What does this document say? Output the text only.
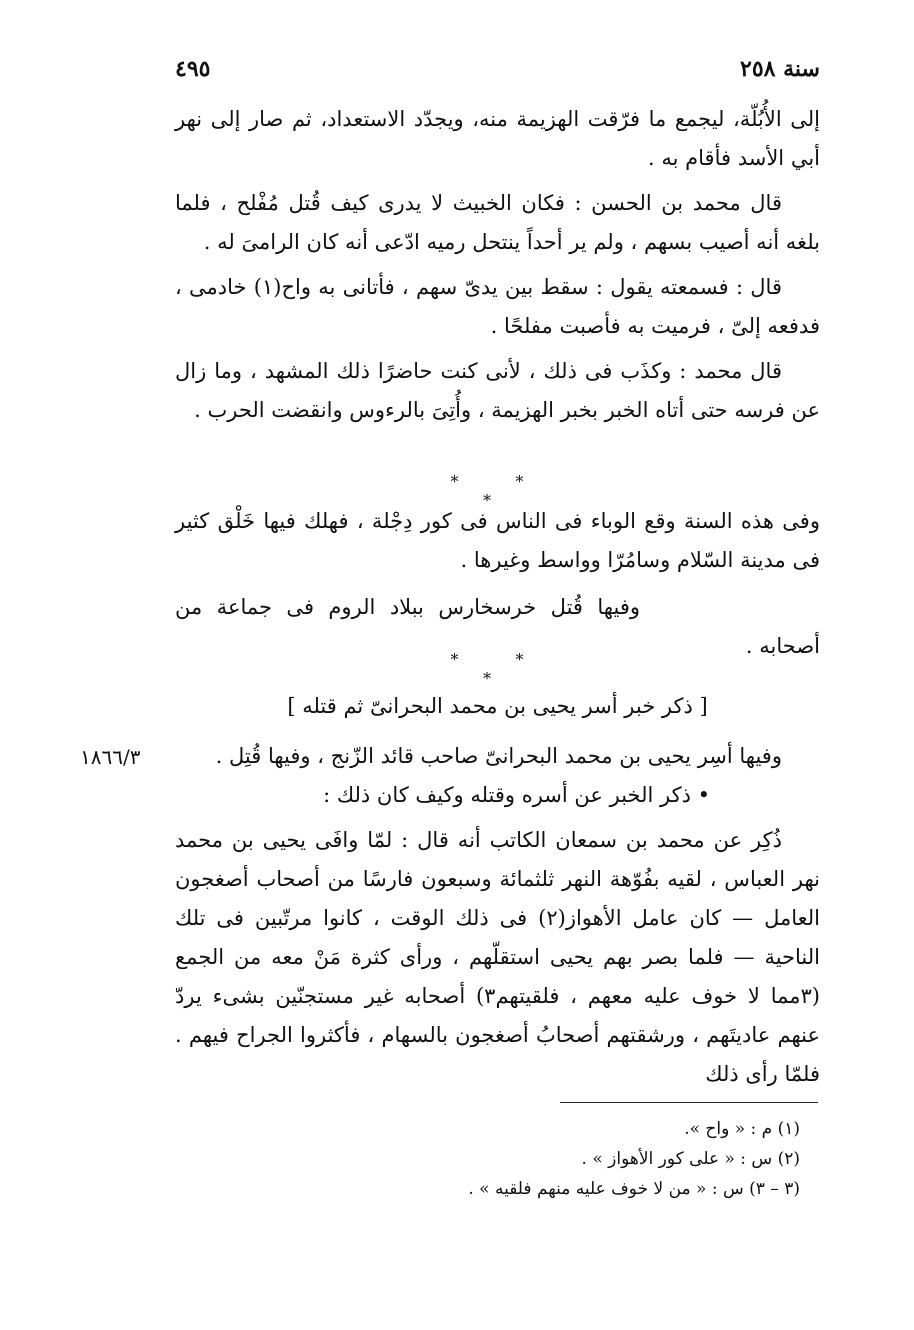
سنة ٢٥٨
٤٩٥

إلى الأُبُلّة، ليجمع ما فرّقت الهزيمة منه، ويجدّد الاستعداد، ثم صار إلى نهر أبي الأسد فأقام به .

قال محمد بن الحسن : فكان الخبيث لا يدرى كيف قُتل مُفْلح ، فلما بلغه أنه أصيب بسهم ، ولم ير أحداً ينتحل رميه ادّعى أنه كان الرامىَ له .

قال : فسمعته يقول : سقط بين يدىّ سهم ، فأتانى به واح(١) خادمى ، فدفعه إلىّ ، فرميت به فأصبت مفلحًا .

قال محمد : وكذَب فى ذلك ، لأنى كنت حاضرًا ذلك المشهد ، وما زال عن فرسه حتى أتاه الخبر بخبر الهزيمة ، وأُتِىَ بالرءوس وانقضت الحرب .

* * *

وفى هذه السنة وقع الوباء فى الناس فى كور دِجْلة ، فهلك فيها خَلْق كثير فى مدينة السّلام وسامُرّا وواسط وغيرها .

وفيها قُتل خرسخارس ببلاد الروم فى جماعة من أصحابه .

* * *
[ ذكر خبر أسر يحيى بن محمد البحرانىّ ثم قتله ]
١٨٦٦/٣	وفيها أسِر يحيى بن محمد البحرانىّ صاحب قائد الزّنج ، وفيها قُتِل .

• ذكر الخبر عن أسره وقتله وكيف كان ذلك :

ذُكِر عن محمد بن سمعان الكاتب أنه قال : لمّا وافَى يحيى بن محمد نهر العباس ، لقيه بفُوّهة النهر ثلثمائة وسبعون فارسًا من أصحاب أصغجون العامل — كان عامل الأهواز(٢) فى ذلك الوقت ، كانوا مرتّبين فى تلك الناحية — فلما بصر بهم يحيى استقلّهم ، ورأى كثرة مَنْ معه من الجمع (٣مما لا خوف عليه معهم ، فلقيتهم٣) أصحابه غير مستجنّين بشىء يردّ عنهم عاديتَهم ، ورشقتهم أصحابُ أصغجون بالسهام ، فأكثروا الجراح فيهم . فلمّا رأى ذلك

(١) م : « واح ».
(٢) س : « على كور الأهواز » .
(٣ – ٣) س : « من لا خوف عليه منهم فلقيه » .
